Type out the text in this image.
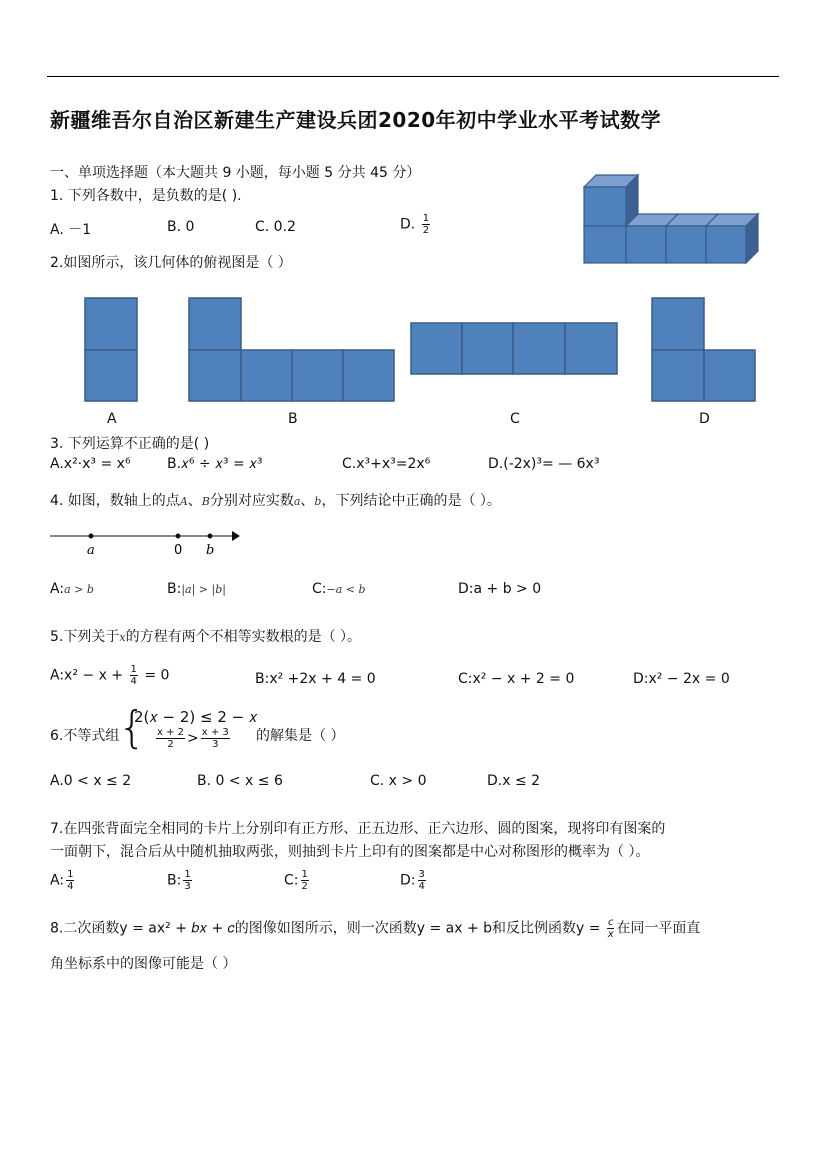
新疆维吾尔自治区新建生产建设兵团2020年初中学业水平考试数学
一、单项选择题（本大题共 9 小题，每小题 5 分共 45 分）
1. 下列各数中，是负数的是( ).
A. －1	B. 0	C. 0.2	D. $\frac{1}{2}$
2.如图所示，该几何体的俯视图是（ ）
A	B	C	D
3. 下列运算不正确的是( )
A.x²·x³ = x⁶	B.𝑥⁶ ÷ 𝑥³ = 𝑥³	C.x³+x³=2x⁶	D.(-2x)³= — 6x³
4. 如图，数轴上的点A、B分别对应实数a、b，下列结论中正确的是（ ）。
a	0 b
A:a > b	B:|a| > |b|	C:−a < b	D:a + b > 0
5.下列关于x的方程有两个不相等实数根的是（ ）。
A:x² − $x + \frac{1}{4} = 0$	B:x² +2x + 4 = 0	C:x² − x + 2 = 0	D:x² − 2x = 0
6.不等式组
{
2(𝑥 − 2) ≤ 2 − 𝑥
$\frac{x + 2}{2} > \frac{x + 3}{3}$ 的解集是（ ）
A.0 < x ≤ 2	B. 0 < x ≤ 6	C. x > 0	D.x ≤ 2
7.在四张背面完全相同的卡片上分别印有正方形、正五边形、正六边形、圆的图案，现将印有图案的
一面朝下，混合后从中随机抽取两张，则抽到卡片上印有的图案都是中心对称图形的概率为（ ）。
A: $\frac{1}{4}$	B: $\frac{1}{3}$	C: $\frac{1}{2}$	D: $\frac{3}{4}$
8.二次函数y = ax² + 𝑏𝑥 + 𝑐的图像如图所示，则一次函数y = ax + b和反比例函数$y = \frac{c}{x}$ 在同一平面直
角坐标系中的图像可能是（ ）
